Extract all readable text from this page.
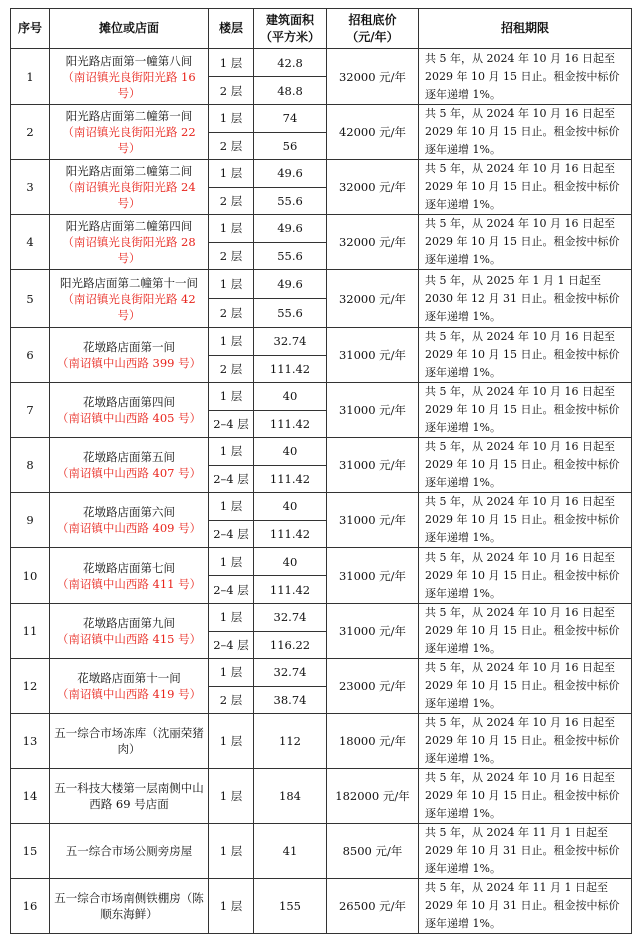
序号	摊位或店面	楼层	建筑面积
（平方米）	招租底价
（元/年）	招租期限
1	阳光路店面第一幢第八间
（南诏镇光良街阳光路 16 号）	1 层	42.8	32000 元/年	共 5 年，从 2024 年 10 月 16 日起至 2029 年 10 月 15 日止。租金按中标价逐年递增 1%。
		2 层	48.8		
2	阳光路店面第二幢第一间
（南诏镇光良街阳光路 22 号）	1 层	74	42000 元/年	共 5 年，从 2024 年 10 月 16 日起至 2029 年 10 月 15 日止。租金按中标价逐年递增 1%。
		2 层	56		
3	阳光路店面第二幢第二间
（南诏镇光良街阳光路 24 号）	1 层	49.6	32000 元/年	共 5 年，从 2024 年 10 月 16 日起至 2029 年 10 月 15 日止。租金按中标价逐年递增 1%。
		2 层	55.6		
4	阳光路店面第二幢第四间
（南诏镇光良街阳光路 28 号）	1 层	49.6	32000 元/年	共 5 年，从 2024 年 10 月 16 日起至 2029 年 10 月 15 日止。租金按中标价逐年递增 1%。
		2 层	55.6		
5	阳光路店面第二幢第十一间
（南诏镇光良街阳光路 42 号）	1 层	49.6	32000 元/年	共 5 年，从 2025 年 1 月 1 日起至 2030 年 12 月 31 日止。租金按中标价逐年递增 1%。
		2 层	55.6		
6	花墩路店面第一间
（南诏镇中山西路 399 号）	1 层	32.74	31000 元/年	共 5 年，从 2024 年 10 月 16 日起至 2029 年 10 月 15 日止。租金按中标价逐年递增 1%。
		2 层	111.42		
7	花墩路店面第四间
（南诏镇中山西路 405 号）	1 层	40	31000 元/年	共 5 年，从 2024 年 10 月 16 日起至 2029 年 10 月 15 日止。租金按中标价逐年递增 1%。
		2–4 层	111.42		
8	花墩路店面第五间
（南诏镇中山西路 407 号）	1 层	40	31000 元/年	共 5 年，从 2024 年 10 月 16 日起至 2029 年 10 月 15 日止。租金按中标价逐年递增 1%。
		2–4 层	111.42		
9	花墩路店面第六间
（南诏镇中山西路 409 号）	1 层	40	31000 元/年	共 5 年，从 2024 年 10 月 16 日起至 2029 年 10 月 15 日止。租金按中标价逐年递增 1%。
		2–4 层	111.42		
10	花墩路店面第七间
（南诏镇中山西路 411 号）	1 层	40	31000 元/年	共 5 年，从 2024 年 10 月 16 日起至 2029 年 10 月 15 日止。租金按中标价逐年递增 1%。
		2–4 层	111.42		
11	花墩路店面第九间
（南诏镇中山西路 415 号）	1 层	32.74	31000 元/年	共 5 年，从 2024 年 10 月 16 日起至 2029 年 10 月 15 日止。租金按中标价逐年递增 1%。
		2–4 层	116.22		
12	花墩路店面第十一间
（南诏镇中山西路 419 号）	1 层	32.74	23000 元/年	共 5 年，从 2024 年 10 月 16 日起至 2029 年 10 月 15 日止。租金按中标价逐年递增 1%。
		2 层	38.74		
13	五一综合市场冻库（沈丽荣猪肉）	1 层	112	18000 元/年	共 5 年，从 2024 年 10 月 16 日起至 2029 年 10 月 15 日止。租金按中标价逐年递增 1%。
14	五一科技大楼第一层南侧中山西路 69 号店面	1 层	184	182000 元/年	共 5 年，从 2024 年 10 月 16 日起至 2029 年 10 月 15 日止。租金按中标价逐年递增 1%。
15	五一综合市场公厕旁房屋	1 层	41	8500 元/年	共 5 年，从 2024 年 11 月 1 日起至 2029 年 10 月 31 日止。租金按中标价逐年递增 1%。
16	五一综合市场南侧铁棚房（陈顺东海鲜）	1 层	155	26500 元/年	共 5 年，从 2024 年 11 月 1 日起至 2029 年 10 月 31 日止。租金按中标价逐年递增 1%。
